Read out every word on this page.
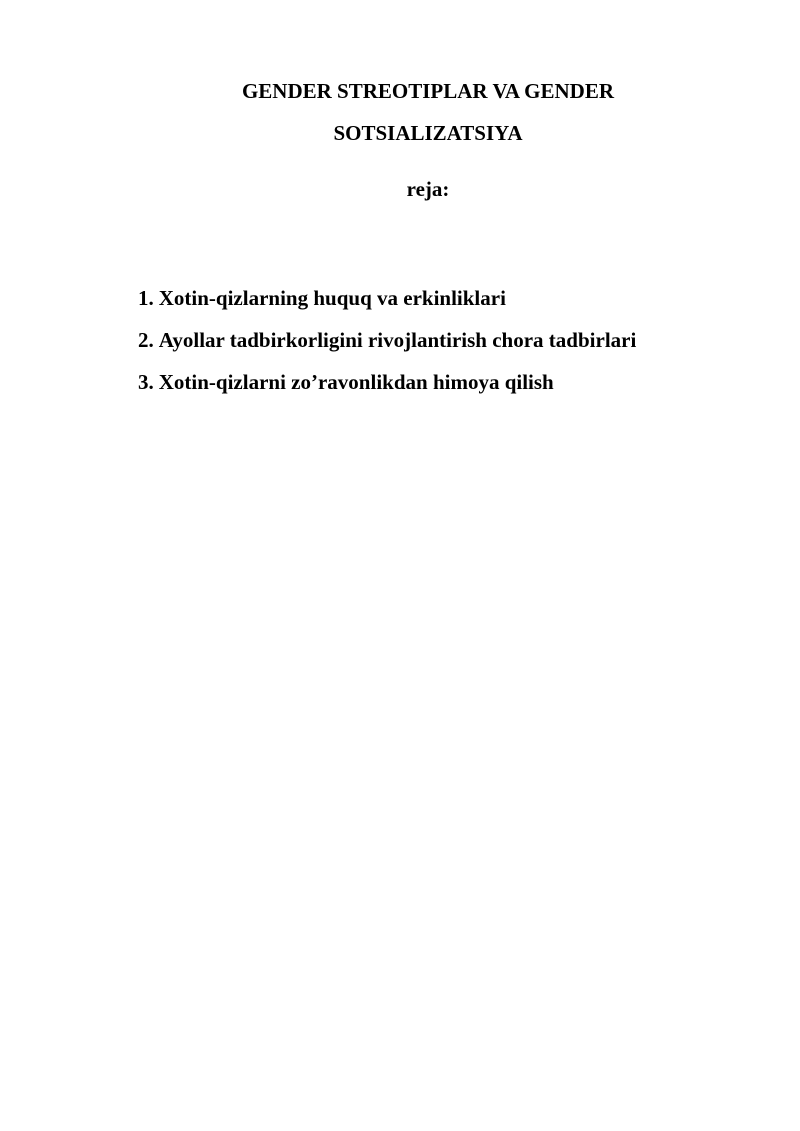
GENDER STREOTIPLAR VA GENDER
SOTSIALIZATSIYA
reja:
1. Xotin-qizlarning huquq va erkinliklari
2. Ayollar tadbirkorligini rivojlantirish chora tadbirlari
3. Xotin-qizlarni zo’ravonlikdan himoya qilish
